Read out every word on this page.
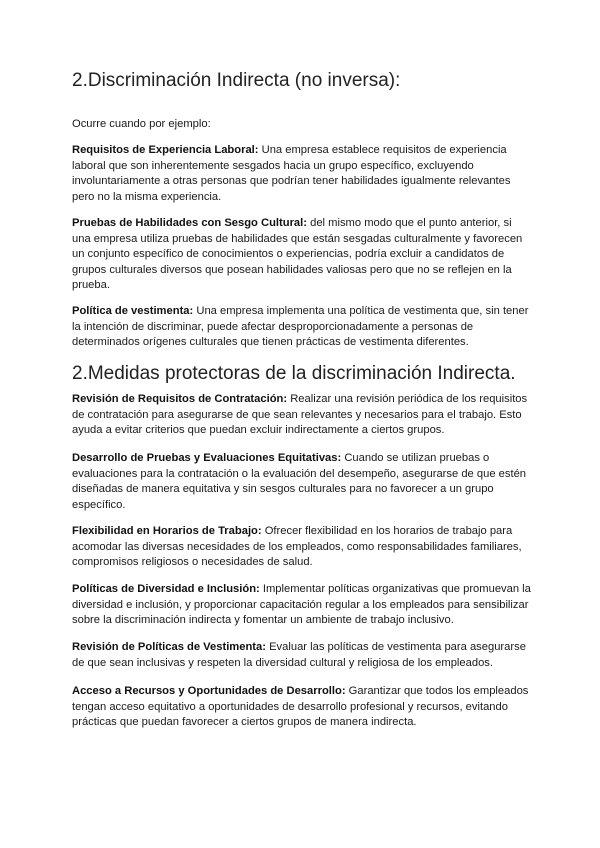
2.Discriminación Indirecta (no inversa):

Ocurre cuando por ejemplo:

Requisitos de Experiencia Laboral: Una empresa establece requisitos de experiencia laboral que son inherentemente sesgados hacia un grupo específico, excluyendo involuntariamente a otras personas que podrían tener habilidades igualmente relevantes pero no la misma experiencia.

Pruebas de Habilidades con Sesgo Cultural: del mismo modo que el punto anterior, si una empresa utiliza pruebas de habilidades que están sesgadas culturalmente y favorecen un conjunto específico de conocimientos o experiencias, podría excluir a candidatos de grupos culturales diversos que posean habilidades valiosas pero que no se reflejen en la prueba.

Política de vestimenta: Una empresa implementa una política de vestimenta que, sin tener la intención de discriminar, puede afectar desproporcionadamente a personas de determinados orígenes culturales que tienen prácticas de vestimenta diferentes.

2.Medidas protectoras de la discriminación Indirecta.

Revisión de Requisitos de Contratación: Realizar una revisión periódica de los requisitos de contratación para asegurarse de que sean relevantes y necesarios para el trabajo. Esto ayuda a evitar criterios que puedan excluir indirectamente a ciertos grupos.

Desarrollo de Pruebas y Evaluaciones Equitativas: Cuando se utilizan pruebas o evaluaciones para la contratación o la evaluación del desempeño, asegurarse de que estén diseñadas de manera equitativa y sin sesgos culturales para no favorecer a un grupo específico.

Flexibilidad en Horarios de Trabajo: Ofrecer flexibilidad en los horarios de trabajo para acomodar las diversas necesidades de los empleados, como responsabilidades familiares, compromisos religiosos o necesidades de salud.

Políticas de Diversidad e Inclusión: Implementar políticas organizativas que promuevan la diversidad e inclusión, y proporcionar capacitación regular a los empleados para sensibilizar sobre la discriminación indirecta y fomentar un ambiente de trabajo inclusivo.

Revisión de Políticas de Vestimenta: Evaluar las políticas de vestimenta para asegurarse de que sean inclusivas y respeten la diversidad cultural y religiosa de los empleados.

Acceso a Recursos y Oportunidades de Desarrollo: Garantizar que todos los empleados tengan acceso equitativo a oportunidades de desarrollo profesional y recursos, evitando prácticas que puedan favorecer a ciertos grupos de manera indirecta.
